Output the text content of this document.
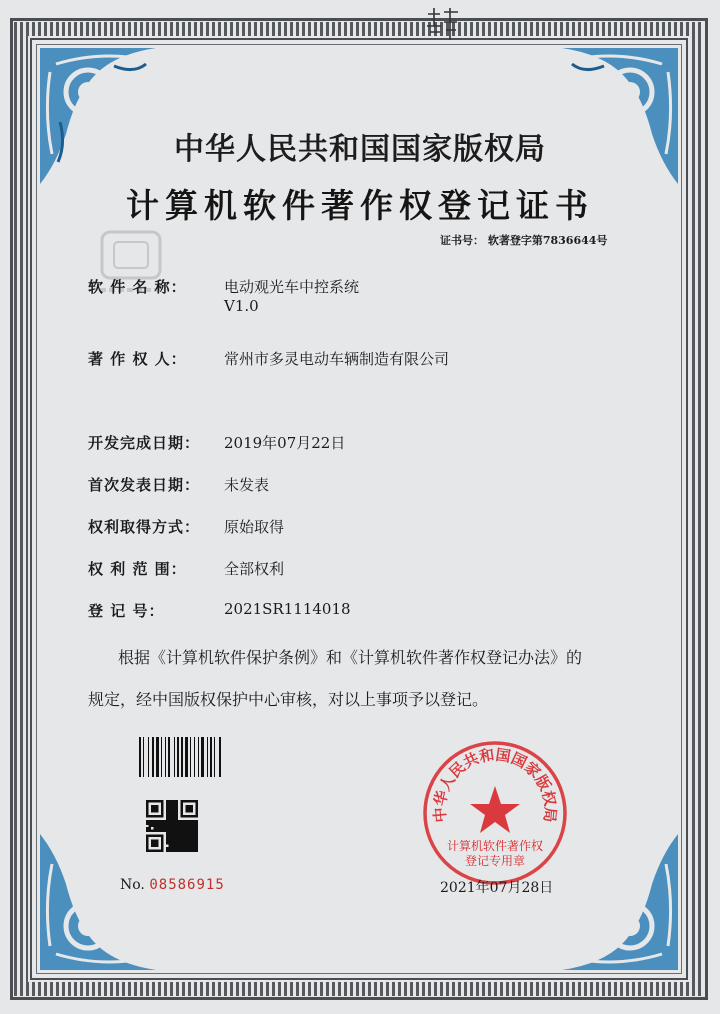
中华人民共和国国家版权局
计算机软件著作权登记证书
证书号： 软著登字第7836644号
软 件 名 称： 电动观光车中控系统
V1.0
著 作 权 人： 常州市多灵电动车辆制造有限公司
开发完成日期： 2019年07月22日
首次发表日期： 未发表
权利取得方式： 原始取得
权 利 范 围： 全部权利
登 记 号：	2021SR1114018
根据《计算机软件保护条例》和《计算机软件著作权登记办法》的
规定，经中国版权保护中心审核，对以上事项予以登记。
No. 08586915
中华人民共和国国家版权局
计算机软件著作权
登记专用章
2021年07月28日
